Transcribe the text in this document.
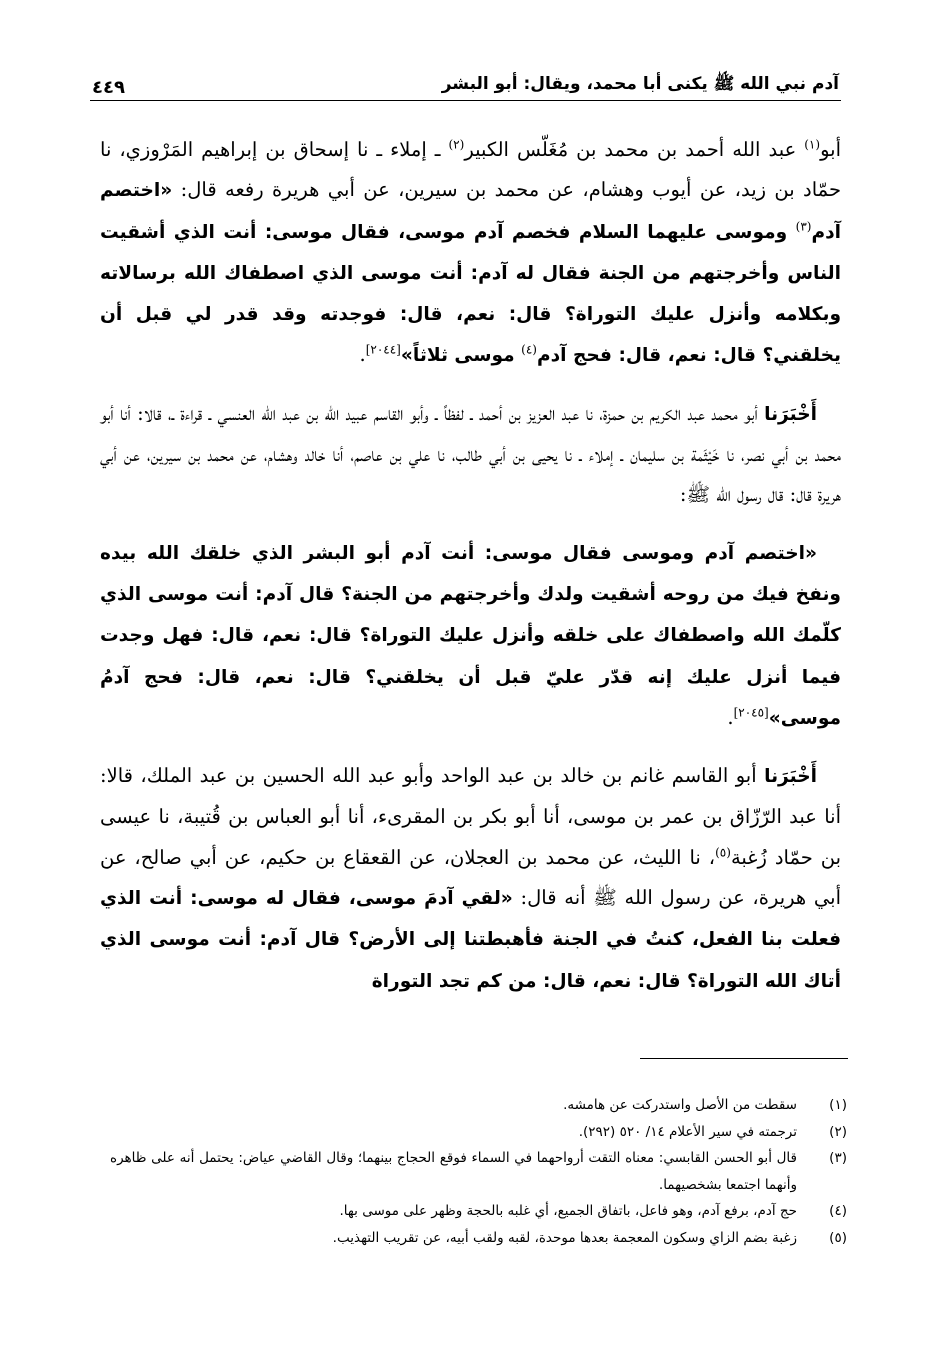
آدم نبي الله ﷺ يكنى أبا محمد، ويقال: أبو البشر
٤٤٩

أبو$^{(١)}$ عبد الله أحمد بن محمد بن مُغَلّس الكبير$^{(٢)}$ ـ إملاء ـ نا إسحاق بن إبراهيم المَرْوزي، نا حمّاد بن زيد، عن أيوب وهشام، عن محمد بن سيرين، عن أبي هريرة رفعه قال: «اختصم آدم$^{(٣)}$ وموسى عليهما السلام فخصم آدم موسى، فقال موسى: أنت الذي أشقيت الناس وأخرجتهم من الجنة فقال له آدم: أنت موسى الذي اصطفاك الله برسالاته وبكلامه وأنزل عليك التوراة؟ قال: نعم، قال: فوجدته وقد قدر لي قبل أن يخلقني؟ قال: نعم، قال: فحج آدم$^{(٤)}$ موسى ثلاثاً»[٢٠٤٤].

أَخْبَرَنا أبو محمد عبد الكريم بن حمزة، نا عبد العزيز بن أحمد ـ لفظاً ـ وأبو القاسم عبيد الله بن عبد الله العنسي ـ قراءة ـ، قالا: أنا أبو محمد بن أبي نصر، نا خَيْثَمة بن سليمان ـ إملاء ـ نا يحيى بن أبي طالب، نا علي بن عاصم، أنا خالد وهشام، عن محمد بن سيرين، عن أبي هريرة قال: قال رسول الله ﷺ:

«اختصم آدم وموسى فقال موسى: أنت آدم أبو البشر الذي خلقك الله بيده ونفخ فيك من روحه أشقيت ولدك وأخرجتهم من الجنة؟ قال آدم: أنت موسى الذي كلّمك الله واصطفاك على خلقه وأنزل عليك التوراة؟ قال: نعم، قال: فهل وجدت فيما أنزل عليك إنه قدّر عليّ قبل أن يخلقني؟ قال: نعم، قال: فحج آدمُ موسى»[٢٠٤٥].

أَخْبَرَنا أبو القاسم غانم بن خالد بن عبد الواحد وأبو عبد الله الحسين بن عبد الملك، قالا: أنا عبد الرّزّاق بن عمر بن موسى، أنا أبو بكر بن المقرىء، أنا أبو العباس بن قُتيبة، نا عيسى بن حمّاد زُغبة$^{(٥)}$، نا الليث، عن محمد بن العجلان، عن القعقاع بن حكيم، عن أبي صالح، عن أبي هريرة، عن رسول الله ﷺ أنه قال: «لقي آدمَ موسى، فقال له موسى: أنت الذي فعلت بنا الفعل، كنتُ في الجنة فأهبطتنا إلى الأرض؟ قال آدم: أنت موسى الذي أتاك الله التوراة؟ قال: نعم، قال: من كم تجد التوراة

(١)
سقطت من الأصل واستدركت عن هامشه.
(٢)
ترجمته في سير الأعلام ١٤/ ٥٢٠ (٢٩٢).
(٣)
قال أبو الحسن القابسي: معناه التقت أرواحهما في السماء فوقع الحجاج بينهما؛ وقال القاضي عياض: يحتمل أنه على ظاهره وأنهما اجتمعا بشخصيهما.
(٤)
حج آدم، برفع آدم، وهو فاعل، باتفاق الجميع، أي غلبه بالحجة وظهر على موسى بها.
(٥)
زغبة بضم الزاي وسكون المعجمة بعدها موحدة، لقبه ولقب أبيه، عن تقريب التهذيب.
